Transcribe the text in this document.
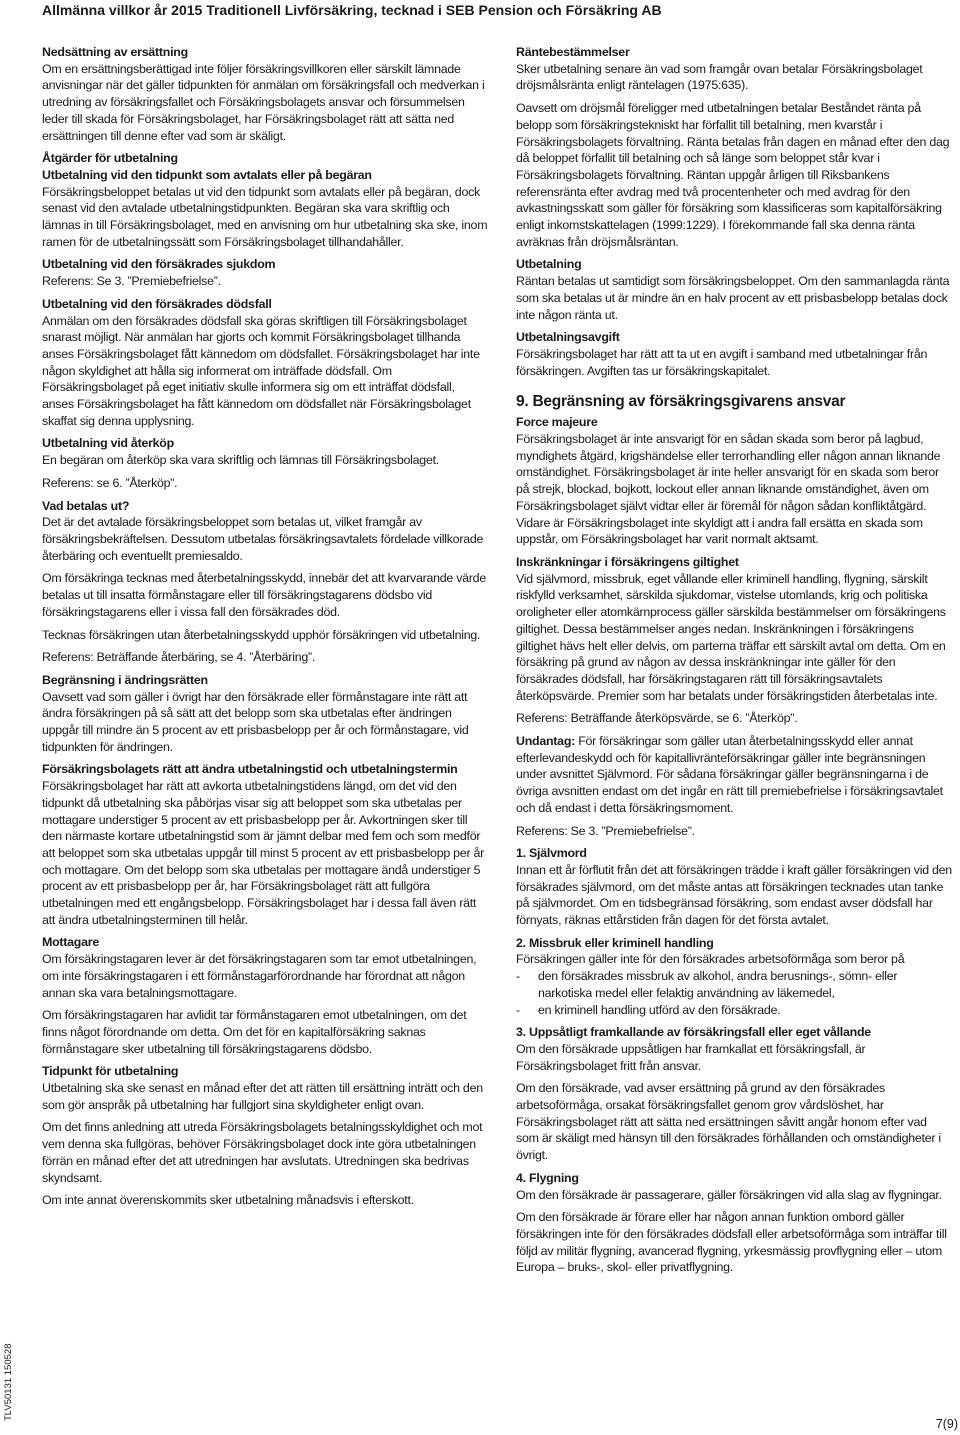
Allmänna villkor år 2015 Traditionell Livförsäkring, tecknad i SEB Pension och Försäkring AB
TLV50131 150528

Nedsättning av ersättning
Om en ersättningsberättigad inte följer försäkringsvillkoren eller särskilt lämnade anvisningar när det gäller tidpunkten för anmälan om försäkringsfall och medverkan i utredning av försäkringsfallet och Försäkringsbolagets ansvar och försummelsen leder till skada för Försäkringsbolaget, har Försäkringsbolaget rätt att sätta ned ersättningen till denne efter vad som är skäligt.

Åtgärder för utbetalning

Utbetalning vid den tidpunkt som avtalats eller på begäran
Försäkringsbeloppet betalas ut vid den tidpunkt som avtalats eller på begäran, dock senast vid den avtalade utbetalningstidpunkten. Begäran ska vara skriftlig och lämnas in till Försäkringsbolaget, med en anvisning om hur utbetalning ska ske, inom ramen för de utbetalningssätt som Försäkringsbolaget tillhandahåller.

Utbetalning vid den försäkrades sjukdom
Referens: Se 3. ”Premiebefrielse”.

Utbetalning vid den försäkrades dödsfall
Anmälan om den försäkrades dödsfall ska göras skriftligen till Försäkringsbolaget snarast möjligt. När anmälan har gjorts och kommit Försäkringsbolaget tillhanda anses Försäkringsbolaget fått kännedom om dödsfallet. Försäkringsbolaget har inte någon skyldighet att hålla sig informerat om inträffade dödsfall. Om Försäkringsbolaget på eget initiativ skulle informera sig om ett inträffat dödsfall, anses Försäkringsbolaget ha fått kännedom om dödsfallet när Försäkringsbolaget skaffat sig denna upplysning.

Utbetalning vid återköp
En begäran om återköp ska vara skriftlig och lämnas till Försäkringsbolaget.

Referens: se 6. ”Återköp”.

Vad betalas ut?
Det är det avtalade försäkringsbeloppet som betalas ut, vilket framgår av försäkringsbekräftelsen. Dessutom utbetalas försäkringsavtalets fördelade villkorade återbäring och eventuellt premiesaldo.

Om försäkringa tecknas med återbetalningsskydd, innebär det att kvarvarande värde betalas ut till insatta förmånstagare eller till försäkringstagarens dödsbo vid försäkringstagarens eller i vissa fall den försäkrades död.

Tecknas försäkringen utan återbetalningsskydd upphör försäkringen vid utbetalning.

Referens: Beträffande återbäring, se 4. ”Återbäring”.

Begränsning i ändringsrätten
Oavsett vad som gäller i övrigt har den försäkrade eller förmånstagare inte rätt att ändra försäkringen på så sätt att det belopp som ska utbetalas efter ändringen uppgår till mindre än 5 procent av ett prisbasbelopp per år och förmånstagare, vid tidpunkten för ändringen.

Försäkringsbolagets rätt att ändra utbetalningstid och utbetalningstermin
Försäkringsbolaget har rätt att avkorta utbetalningstidens längd, om det vid den tidpunkt då utbetalning ska påbörjas visar sig att beloppet som ska utbetalas per mottagare understiger 5 procent av ett prisbasbelopp per år. Avkortningen sker till den närmaste kortare utbetalningstid som är jämnt delbar med fem och som medför att beloppet som ska utbetalas uppgår till minst 5 procent av ett prisbasbelopp per år och mottagare. Om det belopp som ska utbetalas per mottagare ändå understiger 5 procent av ett prisbasbelopp per år, har Försäkringsbolaget rätt att fullgöra utbetalningen med ett engångsbelopp. Försäkringsbolaget har i dessa fall även rätt att ändra utbetalningsterminen till helår.

Mottagare
Om försäkringstagaren lever är det försäkringstagaren som tar emot utbetalningen, om inte försäkringstagaren i ett förmånstagarförordnande har förordnat att någon annan ska vara betalningsmottagare.

Om försäkringstagaren har avlidit tar förmånstagaren emot utbetalningen, om det finns något förordnande om detta. Om det för en kapitalförsäkring saknas förmånstagare sker utbetalning till försäkringstagarens dödsbo.

Tidpunkt för utbetalning
Utbetalning ska ske senast en månad efter det att rätten till ersättning inträtt och den som gör anspråk på utbetalning har fullgjort sina skyldigheter enligt ovan.

Om det finns anledning att utreda Försäkringsbolagets betalningsskyldighet och mot vem denna ska fullgöras, behöver Försäkringsbolaget dock inte göra utbetalningen förrän en månad efter det att utredningen har avslutats. Utredningen ska bedrivas skyndsamt.

Om inte annat överenskommits sker utbetalning månadsvis i efterskott.

Räntebestämmelser
Sker utbetalning senare än vad som framgår ovan betalar Försäkringsbolaget dröjsmålsränta enligt räntelagen (1975:635).

Oavsett om dröjsmål föreligger med utbetalningen betalar Beståndet ränta på belopp som försäkringstekniskt har förfallit till betalning, men kvarstår i Försäkringsbolagets förvaltning. Ränta betalas från dagen en månad efter den dag då beloppet förfallit till betalning och så länge som beloppet står kvar i Försäkringsbolagets förvaltning. Räntan uppgår årligen till Riksbankens referensränta efter avdrag med två procentenheter och med avdrag för den avkastningsskatt som gäller för försäkring som klassificeras som kapitalförsäkring enligt inkomstskattelagen (1999:1229). I förekommande fall ska denna ränta avräknas från dröjsmålsräntan.

Utbetalning
Räntan betalas ut samtidigt som försäkringsbeloppet. Om den sammanlagda ränta som ska betalas ut är mindre än en halv procent av ett prisbasbelopp betalas dock inte någon ränta ut.

Utbetalningsavgift
Försäkringsbolaget har rätt att ta ut en avgift i samband med utbetalningar från försäkringen. Avgiften tas ur försäkringskapitalet.

9. Begränsning av försäkringsgivarens ansvar

Force majeure
Försäkringsbolaget är inte ansvarigt för en sådan skada som beror på lagbud, myndighets åtgärd, krigshändelse eller terrorhandling eller någon annan liknande omständighet. Försäkringsbolaget är inte heller ansvarigt för en skada som beror på strejk, blockad, bojkott, lockout eller annan liknande omständighet, även om Försäkringsbolaget självt vidtar eller är föremål för någon sådan konfliktåtgärd. Vidare är Försäkringsbolaget inte skyldigt att i andra fall ersätta en skada som uppstår, om Försäkringsbolaget har varit normalt aktsamt.

Inskränkningar i försäkringens giltighet
Vid självmord, missbruk, eget vållande eller kriminell handling, flygning, särskilt riskfylld verksamhet, särskilda sjukdomar, vistelse utomlands, krig och politiska oroligheter eller atomkärnprocess gäller särskilda bestämmelser om försäkringens giltighet. Dessa bestämmelser anges nedan. Inskränkningen i försäkringens giltighet hävs helt eller delvis, om parterna träffar ett särskilt avtal om detta. Om en försäkring på grund av någon av dessa inskränkningar inte gäller för den försäkrades dödsfall, har försäkringstagaren rätt till försäkringsavtalets återköpsvärde. Premier som har betalats under försäkringstiden återbetalas inte.

Referens: Beträffande återköpsvärde, se 6. ”Återköp”.

Undantag: För försäkringar som gäller utan återbetalningsskydd eller annat efterlevandeskydd och för kapitallivränteförsäkringar gäller inte begränsningen under avsnittet Självmord. För sådana försäkringar gäller begränsningarna i de övriga avsnitten endast om det ingår en rätt till premiebefrielse i försäkringsavtalet och då endast i detta försäkringsmoment.

Referens: Se 3. ”Premiebefrielse”.

1. Självmord
Innan ett år förflutit från det att försäkringen trädde i kraft gäller försäkringen vid den försäkrades självmord, om det måste antas att försäkringen tecknades utan tanke på självmordet. Om en tidsbegränsad försäkring, som endast avser dödsfall har förnyats, räknas ettårstiden från dagen för det första avtalet.

2. Missbruk eller kriminell handling
Försäkringen gäller inte för den försäkrades arbetsoförmåga som beror på

- den försäkrades missbruk av alkohol, andra berusnings-, sömn- eller narkotiska medel eller felaktig användning av läkemedel,
- en kriminell handling utförd av den försäkrade.

3. Uppsåtligt framkallande av försäkringsfall eller eget vållande
Om den försäkrade uppsåtligen har framkallat ett försäkringsfall, är Försäkringsbolaget fritt från ansvar.

Om den försäkrade, vad avser ersättning på grund av den försäkrades arbetsoförmåga, orsakat försäkringsfallet genom grov vårdslöshet, har Försäkringsbolaget rätt att sätta ned ersättningen såvitt angår honom efter vad som är skäligt med hänsyn till den försäkrades förhållanden och omständigheter i övrigt.

4. Flygning
Om den försäkrade är passagerare, gäller försäkringen vid alla slag av flygningar.

Om den försäkrade är förare eller har någon annan funktion ombord gäller försäkringen inte för den försäkrades dödsfall eller arbetsoförmåga som inträffar till följd av militär flygning, avancerad flygning, yrkesmässig provflygning eller – utom Europa – bruks-, skol- eller privatflygning.

7(9)
